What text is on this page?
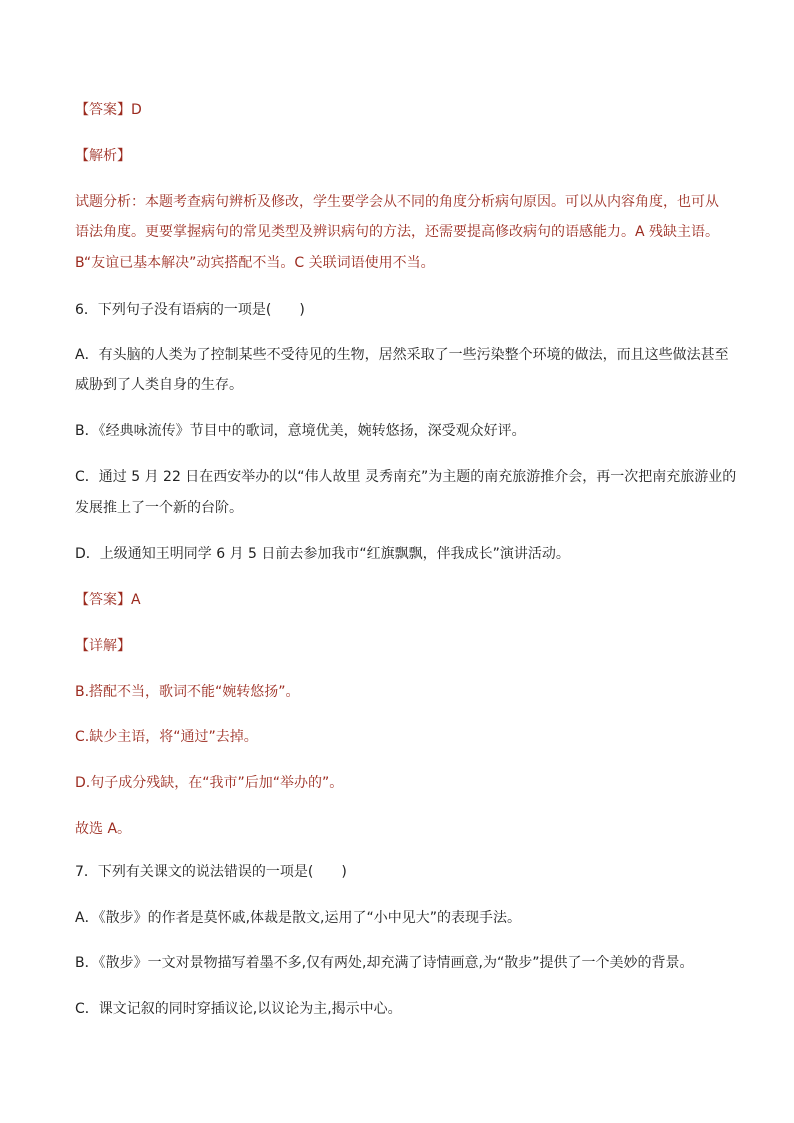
【答案】D
【解析】
试题分析：本题考查病句辨析及修改，学生要学会从不同的角度分析病句原因。可以从内容角度，也可从
语法角度。更要掌握病句的常见类型及辨识病句的方法，还需要提高修改病句的语感能力。A 残缺主语。
B“友谊已基本解决”动宾搭配不当。C 关联词语使用不当。
6．下列句子没有语病的一项是(　　)
A．有头脑的人类为了控制某些不受待见的生物，居然采取了一些污染整个环境的做法，而且这些做法甚至
威胁到了人类自身的生存。
B．《经典咏流传》节目中的歌词，意境优美，婉转悠扬，深受观众好评。
C．通过 5 月 22 日在西安举办的以“伟人故里 灵秀南充”为主题的南充旅游推介会，再一次把南充旅游业的
发展推上了一个新的台阶。
D．上级通知王明同学 6 月 5 日前去参加我市“红旗飘飘，伴我成长”演讲活动。
【答案】A
【详解】
B.搭配不当，歌词不能“婉转悠扬”。
C.缺少主语，将“通过”去掉。
D.句子成分残缺，在“我市”后加“举办的”。
故选 A。
7．下列有关课文的说法错误的一项是(　　)
A．《散步》的作者是莫怀戚,体裁是散文,运用了“小中见大”的表现手法。
B．《散步》一文对景物描写着墨不多,仅有两处,却充满了诗情画意,为“散步”提供了一个美妙的背景。
C．课文记叙的同时穿插议论,以议论为主,揭示中心。
